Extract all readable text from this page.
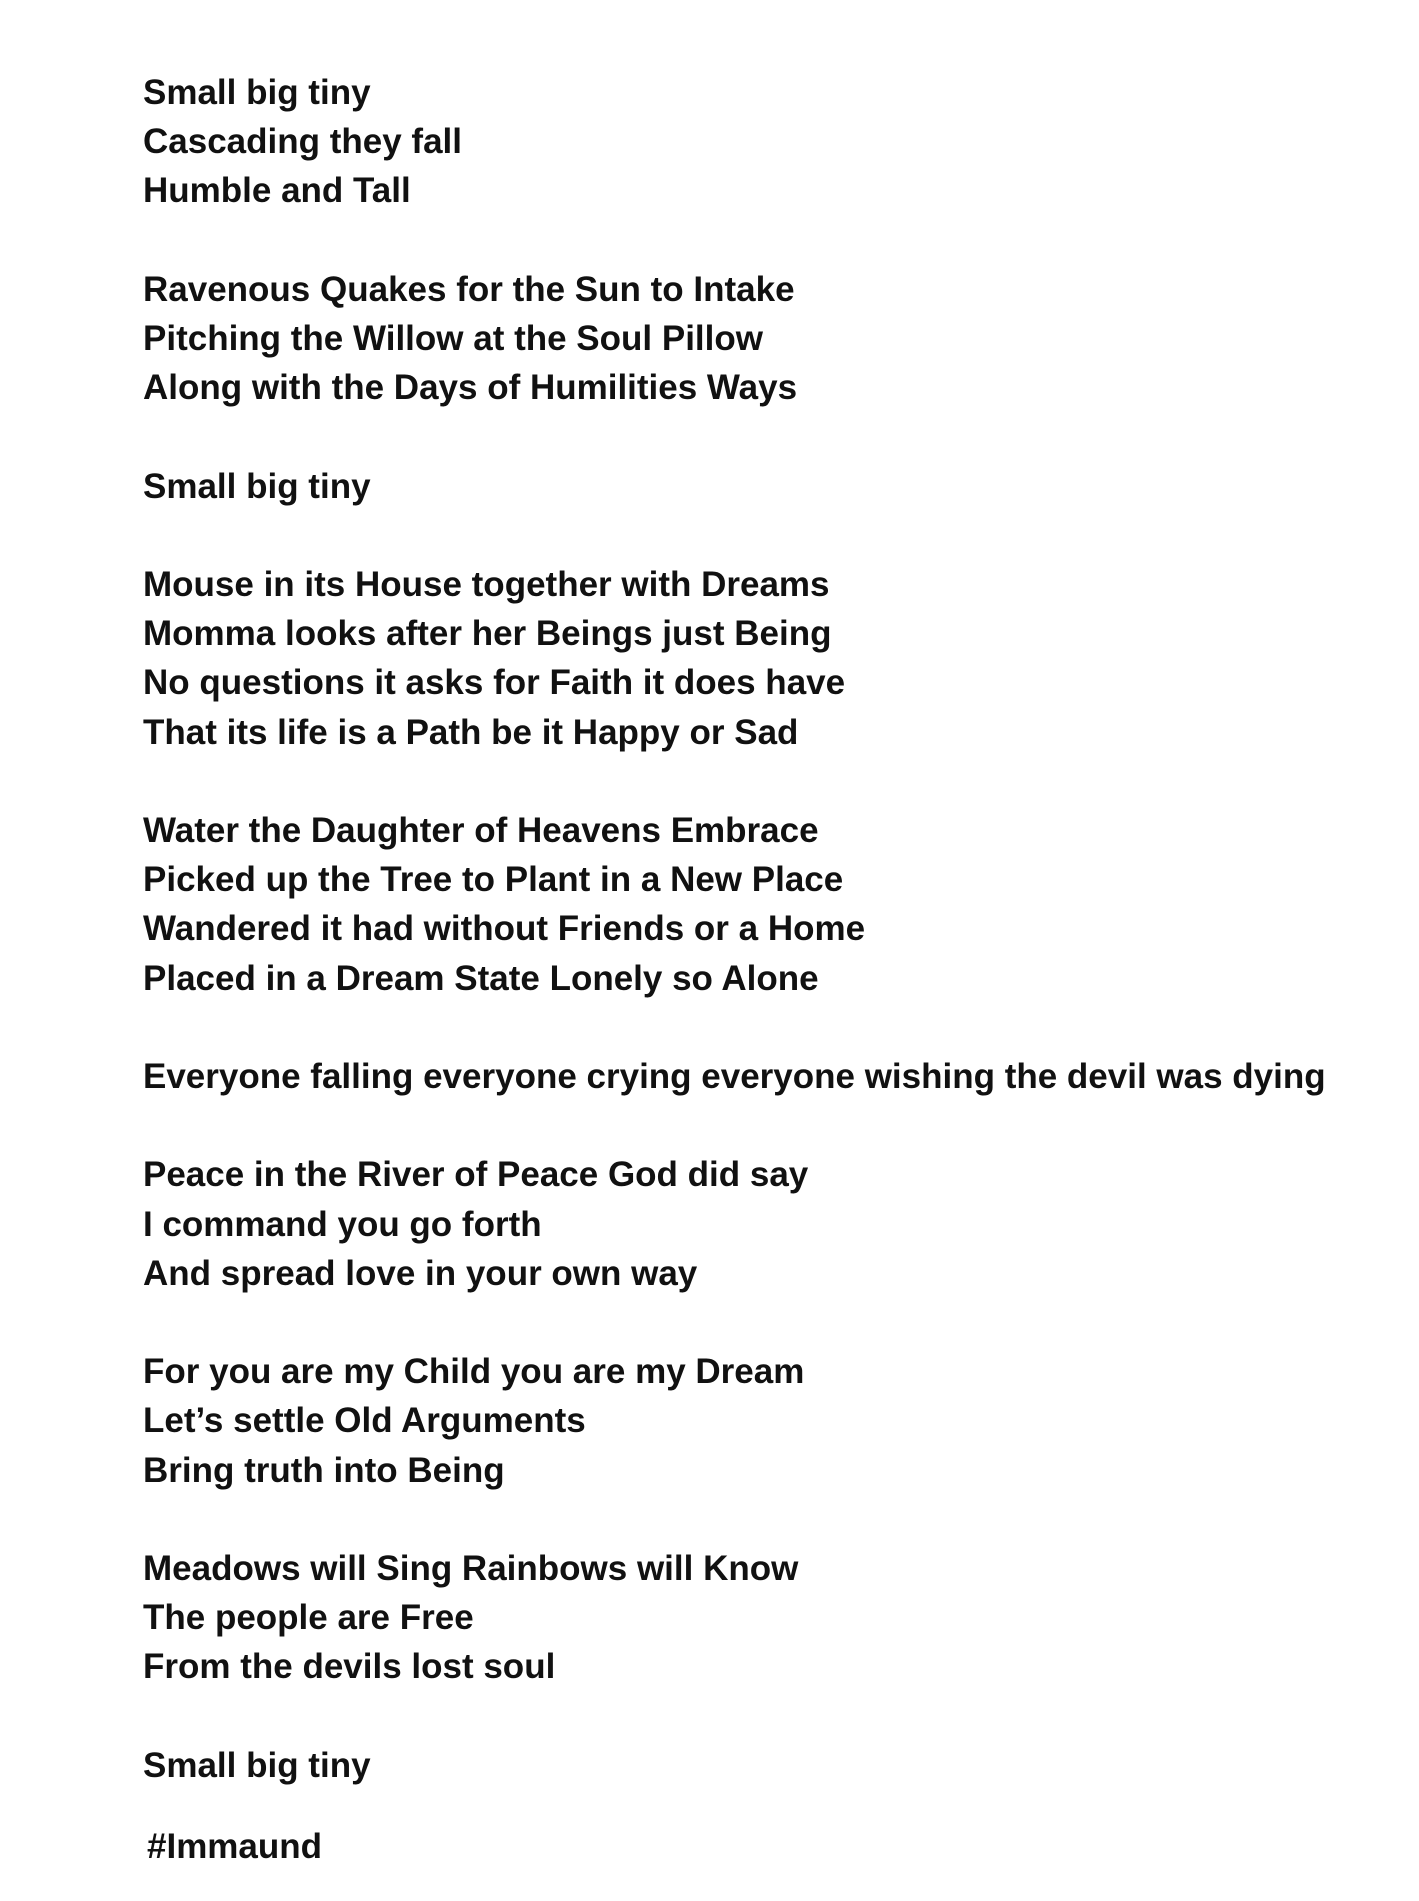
Small big tiny
Cascading they fall
Humble and Tall
Ravenous Quakes for the Sun to Intake
Pitching the Willow at the Soul Pillow
Along with the Days of Humilities Ways
Small big tiny
Mouse in its House together with Dreams
Momma looks after her Beings just Being
No questions it asks for Faith it does have
That its life is a Path be it Happy or Sad
Water the Daughter of Heavens Embrace
Picked up the Tree to Plant in a New Place
Wandered it had without Friends or a Home
Placed in a Dream State Lonely so Alone
Everyone falling everyone crying everyone wishing the devil was dying
Peace in the River of Peace God did say
I command you go forth
And spread love in your own way
For you are my Child you are my Dream
Let’s settle Old Arguments
Bring truth into Being
Meadows will Sing Rainbows will Know
The people are Free
From the devils lost soul
Small big tiny
#Immaund
